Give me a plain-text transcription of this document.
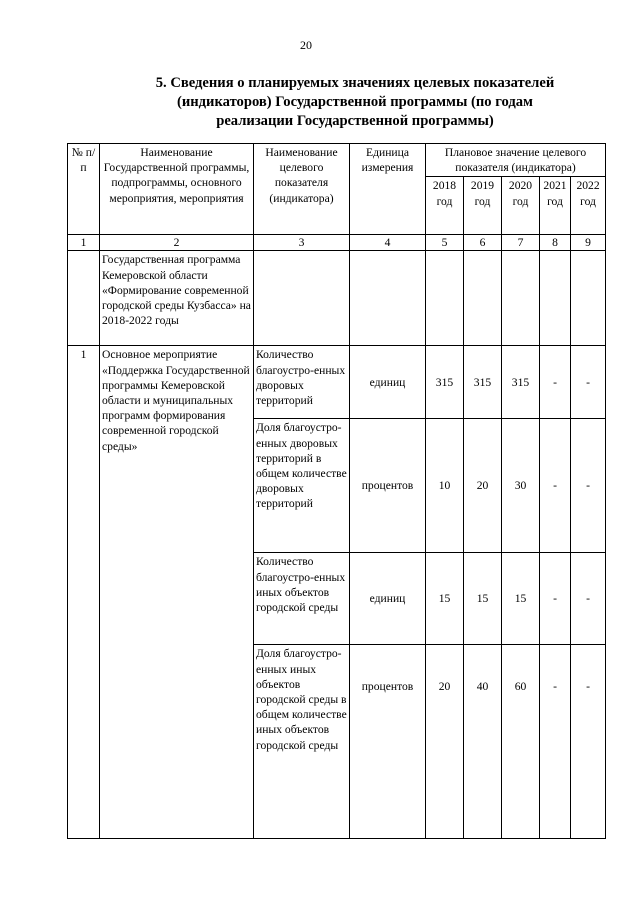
20
5. Сведения о планируемых значениях целевых показателей
(индикаторов) Государственной программы (по годам
реализации Государственной программы)
№ п/п	Наименование Государственной программы, подпрограммы, основного мероприятия, мероприятия	Наименование целевого показателя (индикатора)	Единица измерения	Плановое значение целевого показателя (индикатора)				
				2018 год	2019 год	2020 год	2021 год	2022 год
1	2	3	4	5	6	7	8	9
	Государственная программа Кемеровской области «Формирование современной городской среды Кузбасса» на 2018-2022 годы							
1	Основное мероприятие «Поддержка Государственной программы Кемеровской области и муниципальных программ формирования современной городской среды»	Количество благоустро-енных дворовых территорий	единиц	315	315	315	-	-
		Доля благоустро-енных дворовых территорий в общем количестве дворовых территорий	процентов	10	20	30	-	-
		Количество благоустро-енных иных объектов городской среды	единиц	15	15	15	-	-
		Доля благоустро-енных иных объектов городской среды в общем количестве иных объектов городской среды	процентов	20	40	60	-	-
